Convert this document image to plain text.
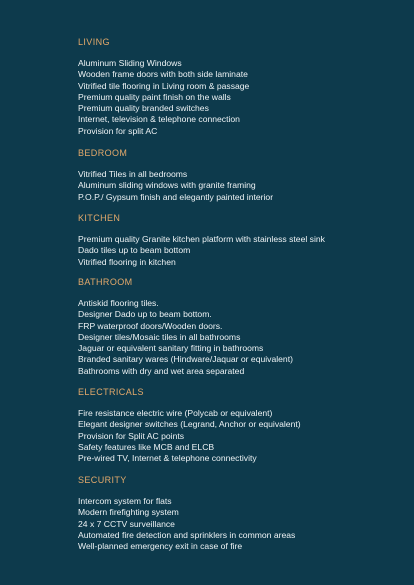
LIVING

Aluminum Sliding Windows

Wooden frame doors with both side laminate

Vitrified tile flooring in Living room & passage

Premium quality paint finish on the walls

Premium quality branded switches

Internet, television & telephone connection

Provision for split AC

BEDROOM

Vitrified Tiles in all bedrooms

Aluminum sliding windows with granite framing

P.O.P./ Gypsum finish and elegantly painted interior

KITCHEN

Premium quality Granite kitchen platform with stainless steel sink

Dado tiles up to beam bottom

Vitrified flooring in kitchen

BATHROOM

Antiskid flooring tiles.

Designer Dado up to beam bottom.

FRP waterproof doors/Wooden doors.

Designer tiles/Mosaic tiles in all bathrooms

Jaguar or equivalent sanitary fitting in bathrooms

Branded sanitary wares (Hindware/Jaquar or equivalent)

Bathrooms with dry and wet area separated

ELECTRICALS

Fire resistance electric wire (Polycab or equivalent)

Elegant designer switches (Legrand, Anchor or equivalent)

Provision for Split AC points

Safety features like MCB and ELCB

Pre-wired TV, Internet & telephone connectivity

SECURITY

Intercom system for flats

Modern firefighting system

24 x 7 CCTV surveillance

Automated fire detection and sprinklers in common areas

Well-planned emergency exit in case of fire
